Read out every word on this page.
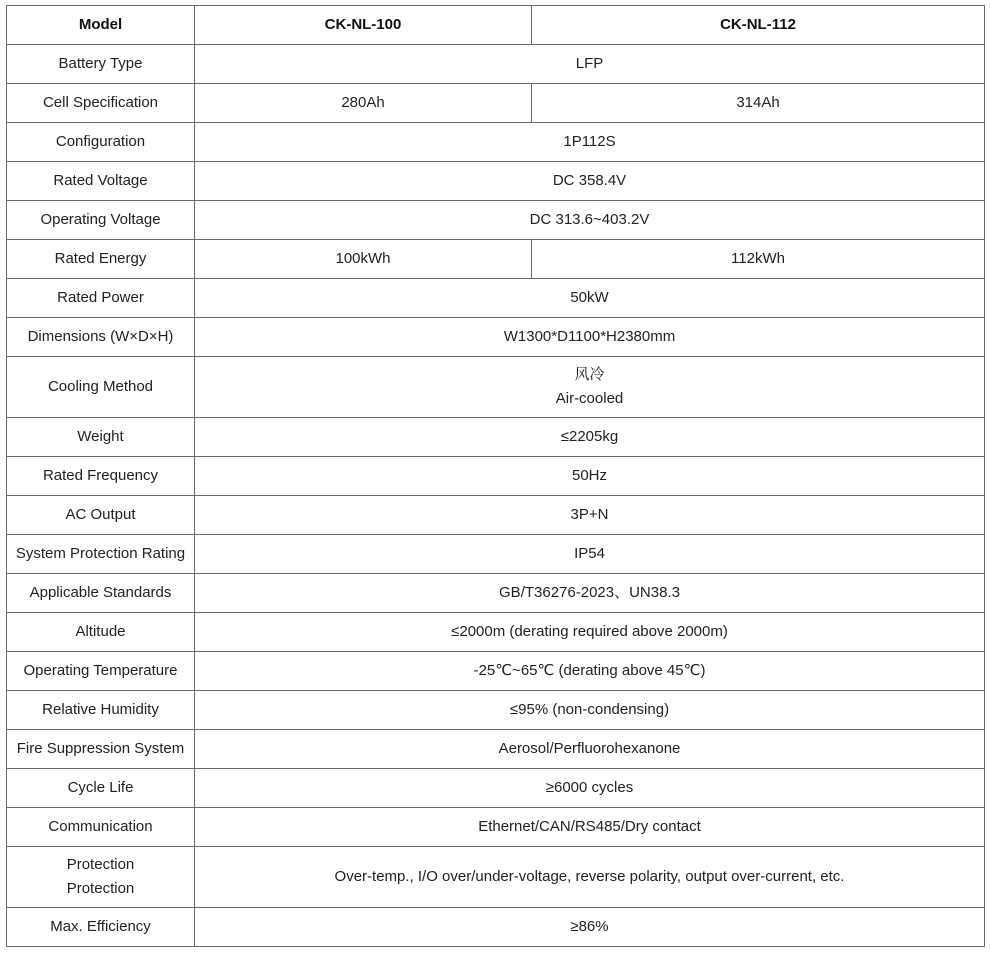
Model	CK-NL-100	CK-NL-112
Battery Type	LFP	
Cell Specification	280Ah	314Ah
Configuration	1P112S	
Rated Voltage	DC 358.4V	
Operating Voltage	DC 313.6~403.2V	
Rated Energy	100kWh	112kWh
Rated Power	50kW	
Dimensions (W×D×H)	W1300*D1100*H2380mm	
Cooling Method	风冷
Air-cooled	

Weight	≤2205kg	
Rated Frequency	50Hz	
AC Output	3P+N	
System Protection Rating	IP54	
Applicable Standards	GB/T36276-2023、UN38.3	
Altitude	≤2000m (derating required above 2000m)	
Operating Temperature	-25℃~65℃ (derating above 45℃)	
Relative Humidity	≤95% (non-condensing)	
Fire Suppression System	Aerosol/Perfluorohexanone	
Cycle Life	≥6000 cycles	
Communication	Ethernet/CAN/RS485/Dry contact	

Protection
Protection	Over-temp., I/O over/under-voltage, reverse polarity, output over-current, etc.	
Max. Efficiency	≥86%	
